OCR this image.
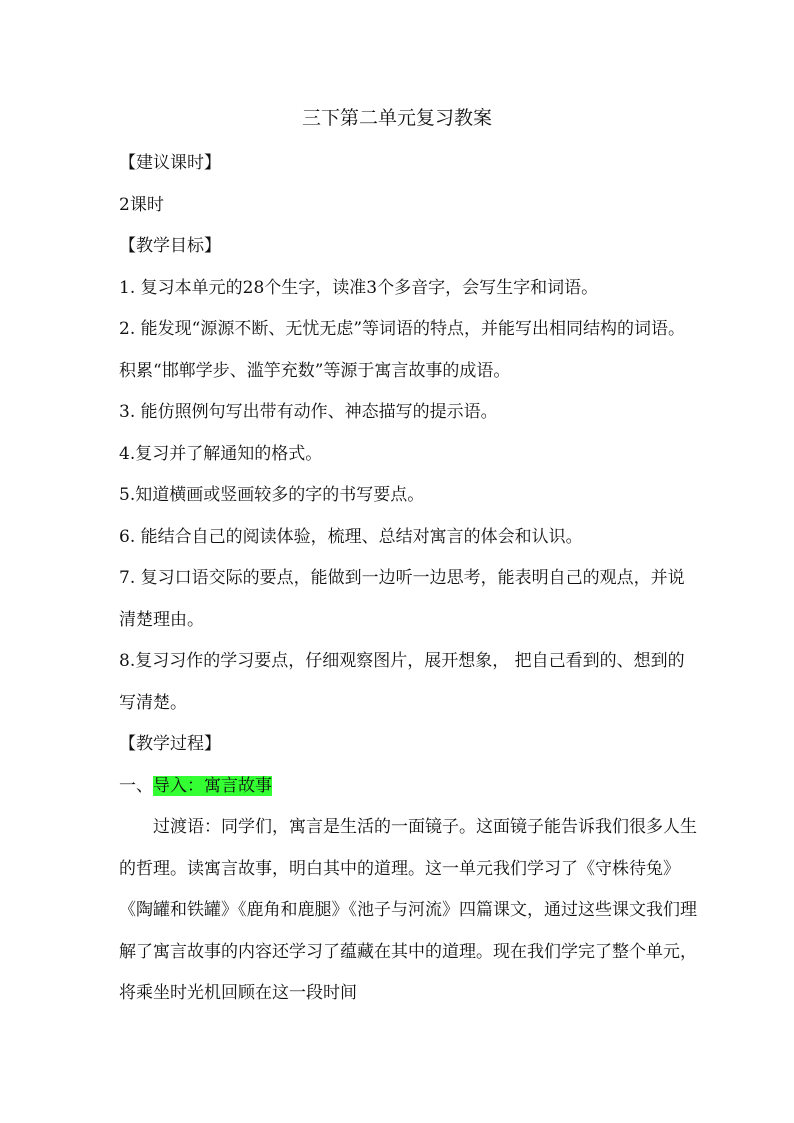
三下第二单元复习教案

【建议课时】

2课时

【教学目标】

1. 复习本单元的28个生字，读准3个多音字，会写生字和词语。

2. 能发现“源源不断、无忧无虑”等词语的特点，并能写出相同结构的词语。积累“邯郸学步、滥竽充数”等源于寓言故事的成语。

3. 能仿照例句写出带有动作、神态描写的提示语。

4.复习并了解通知的格式。

5.知道横画或竖画较多的字的书写要点。

6. 能结合自己的阅读体验，梳理、总结对寓言的体会和认识。

7. 复习口语交际的要点，能做到一边听一边思考，能表明自己的观点，并说清楚理由。

8.复习习作的学习要点，仔细观察图片，展开想象， 把自己看到的、想到的写清楚。

【教学过程】

一、导入：寓言故事

过渡语：同学们，寓言是生活的一面镜子。这面镜子能告诉我们很多人生的哲理。读寓言故事，明白其中的道理。这一单元我们学习了《守株待兔》《陶罐和铁罐》《鹿角和鹿腿》《池子与河流》四篇课文，通过这些课文我们理解了寓言故事的内容还学习了蕴藏在其中的道理。现在我们学完了整个单元，将乘坐时光机回顾在这一段时间
